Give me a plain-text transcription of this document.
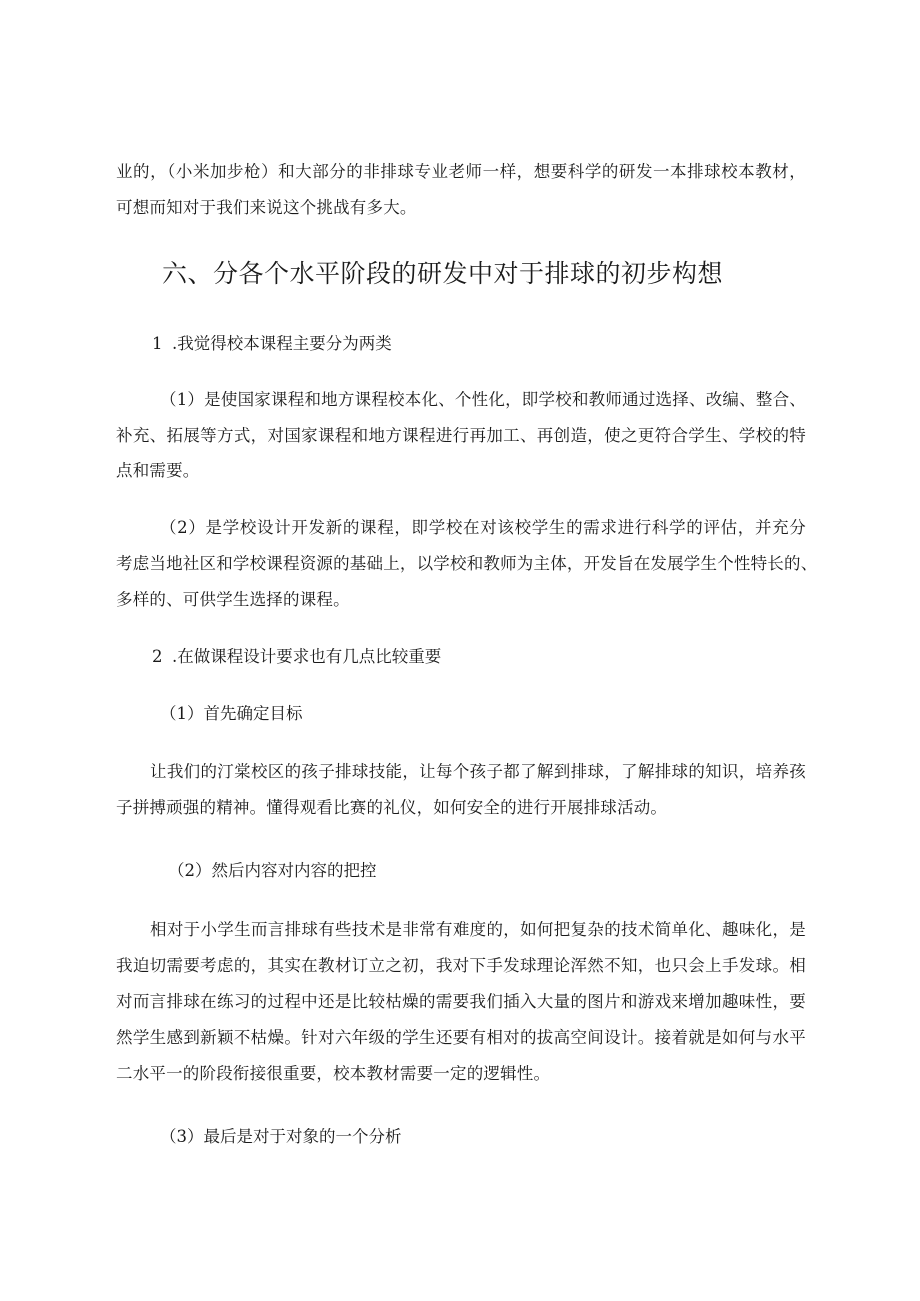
业的，（小米加步枪）和大部分的非排球专业老师一样，想要科学的研发一本排球校本教材，
可想而知对于我们来说这个挑战有多大。
六、分各个水平阶段的研发中对于排球的初步构想
1 .我觉得校本课程主要分为两类
（1）是使国家课程和地方课程校本化、个性化，即学校和教师通过选择、改编、整合、
补充、拓展等方式，对国家课程和地方课程进行再加工、再创造，使之更符合学生、学校的特
点和需要。
（2）是学校设计开发新的课程，即学校在对该校学生的需求进行科学的评估，并充分
考虑当地社区和学校课程资源的基础上，以学校和教师为主体，开发旨在发展学生个性特长的、
多样的、可供学生选择的课程。
2 .在做课程设计要求也有几点比较重要
（1）首先确定目标
让我们的汀棠校区的孩子排球技能，让每个孩子都了解到排球，了解排球的知识，培养孩
子拼搏顽强的精神。懂得观看比赛的礼仪，如何安全的进行开展排球活动。
（2）然后内容对内容的把控
相对于小学生而言排球有些技术是非常有难度的，如何把复杂的技术简单化、趣味化，是
我迫切需要考虑的，其实在教材订立之初，我对下手发球理论浑然不知，也只会上手发球。相
对而言排球在练习的过程中还是比较枯燥的需要我们插入大量的图片和游戏来增加趣味性，要
然学生感到新颖不枯燥。针对六年级的学生还要有相对的拔高空间设计。接着就是如何与水平
二水平一的阶段衔接很重要，校本教材需要一定的逻辑性。
（3）最后是对于对象的一个分析
